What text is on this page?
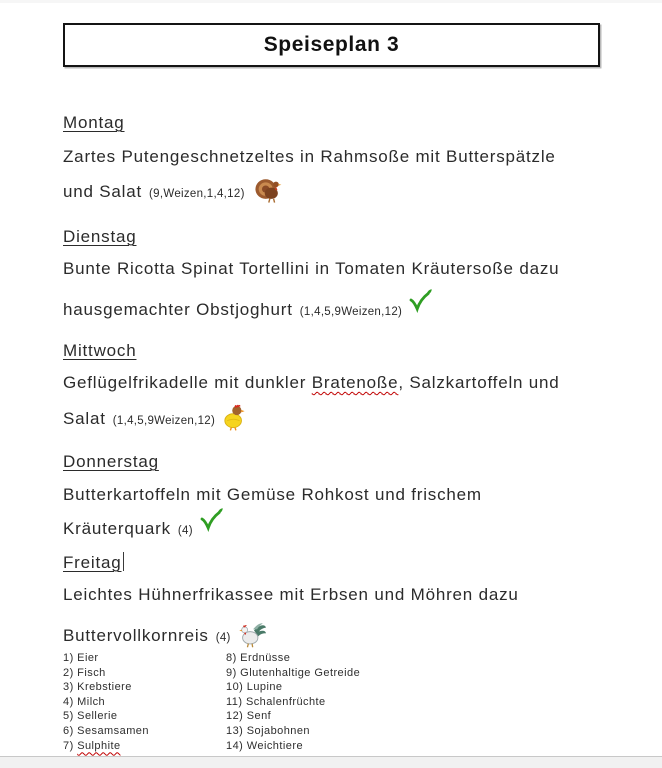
Speiseplan 3
Montag
Zartes Putengeschnetzeltes in Rahmsoße mit Butterspätzle
und Salat (9,Weizen,1,4,12)
Dienstag
Bunte Ricotta Spinat Tortellini in Tomaten Kräutersoße dazu
hausgemachter Obstjoghurt (1,4,5,9Weizen,12)
Mittwoch
Geflügelfrikadelle mit dunkler Bratenoße, Salzkartoffeln und
Salat (1,4,5,9Weizen,12)
Donnerstag
Butterkartoffeln mit Gemüse Rohkost und frischem
Kräuterquark (4)
Freitag
Leichtes Hühnerfrikassee mit Erbsen und Möhren dazu
Buttervollkornreis (4)
1) Eier
2) Fisch
3) Krebstiere
4) Milch
5) Sellerie
6) Sesamsamen
7) Sulphite
8) Erdnüsse
9) Glutenhaltige Getreide
10) Lupine
11) Schalenfrüchte
12) Senf
13) Sojabohnen
14) Weichtiere
